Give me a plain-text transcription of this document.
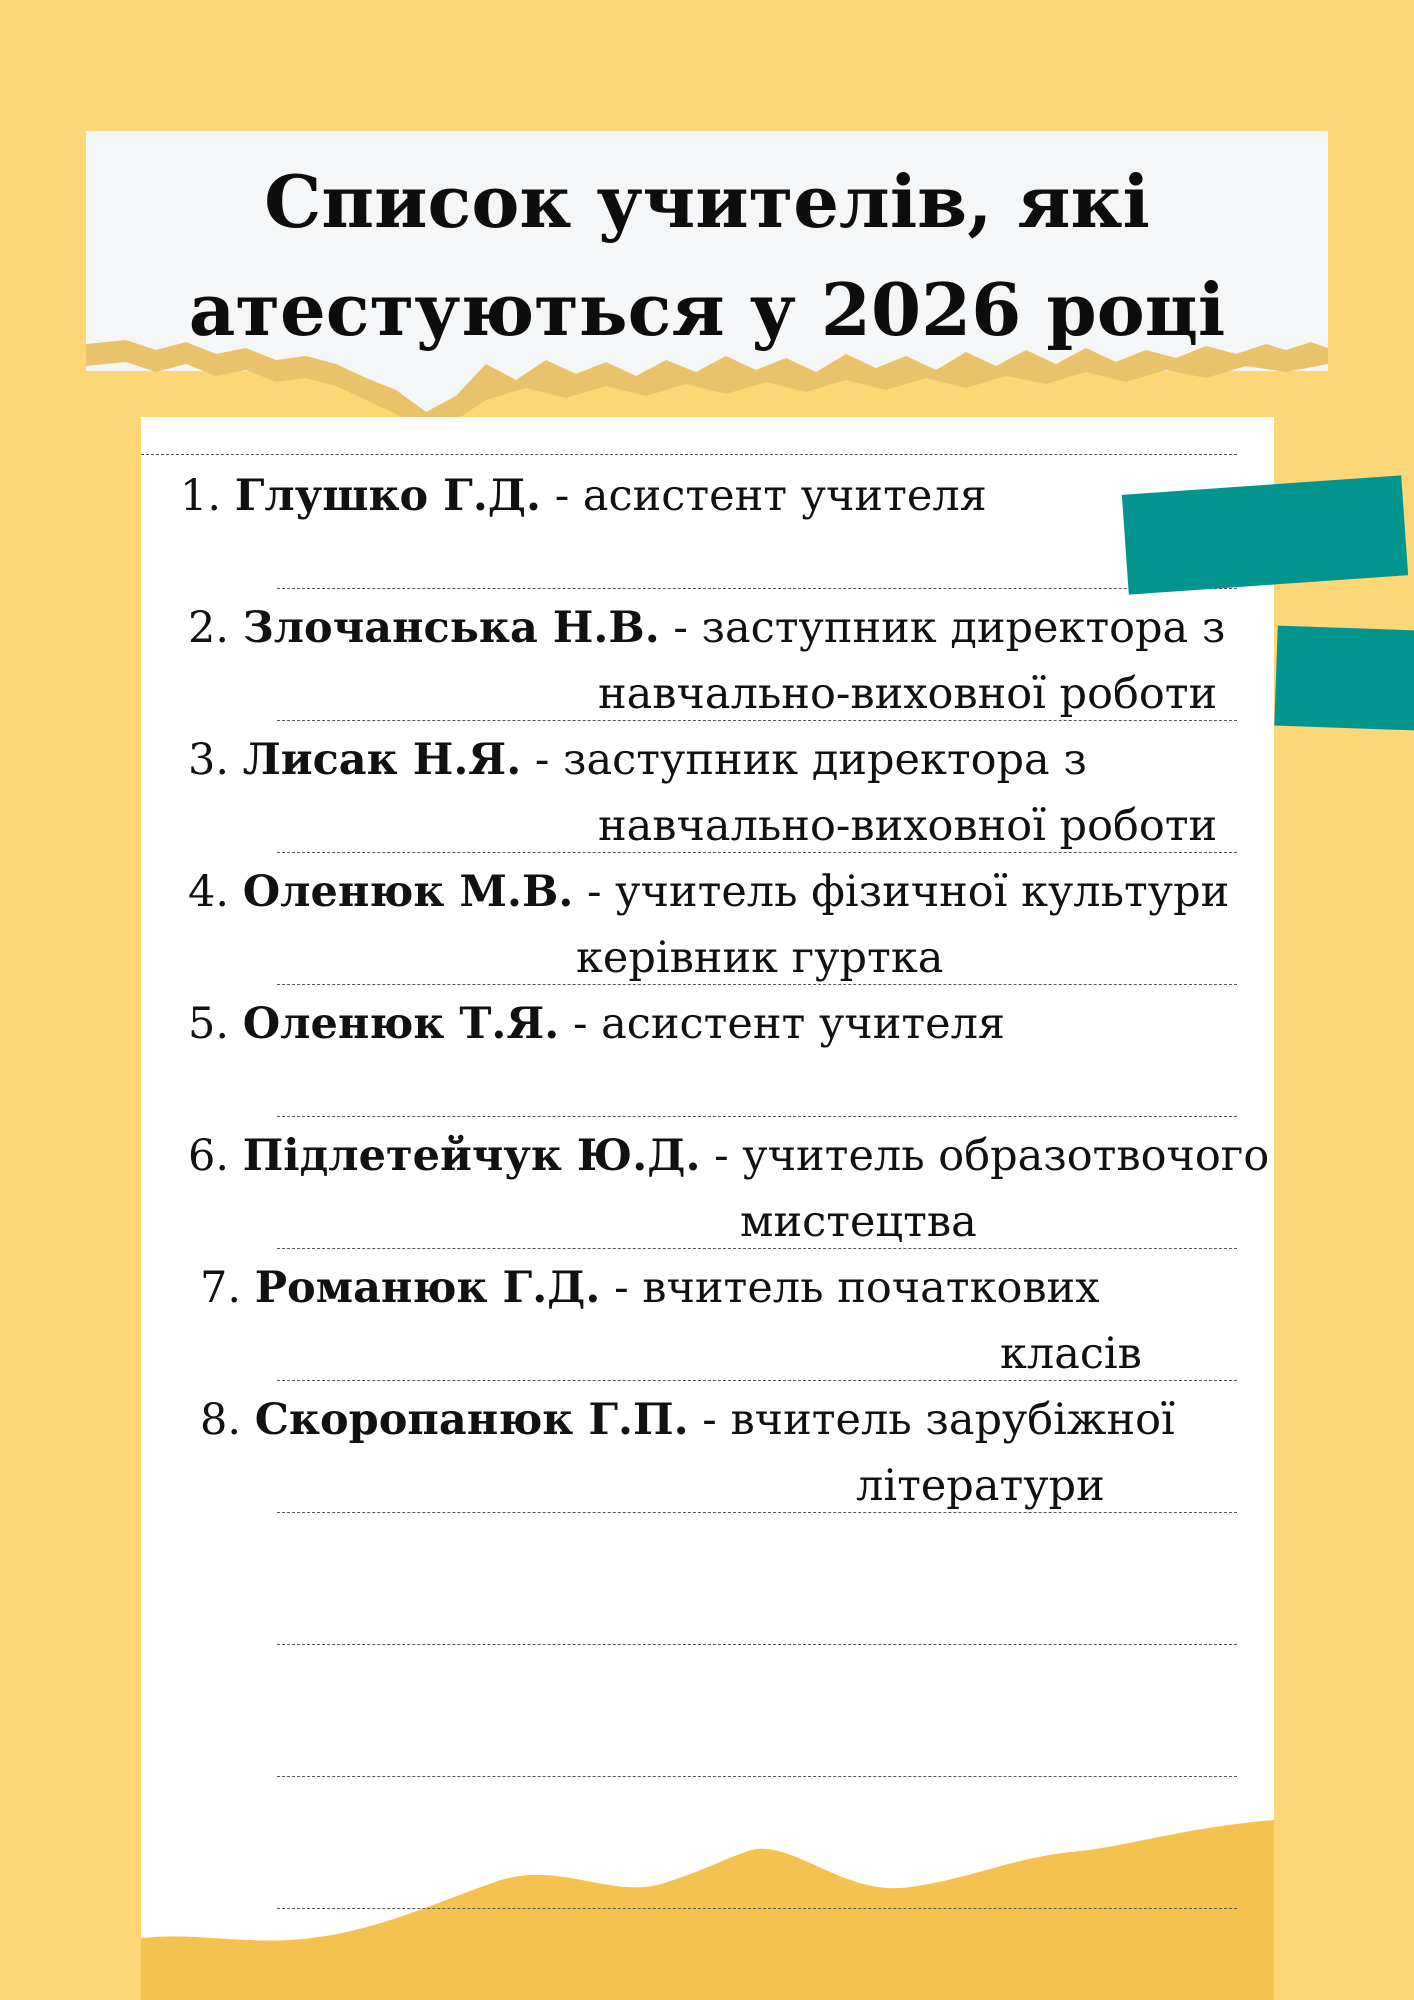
Список учителів, які
атестуються у 2026 році
1. Глушко Г.Д. - асистент учителя
2. Злочанська Н.В. - заступник директора з
навчально-виховної роботи
3. Лисак Н.Я. - заступник директора з
навчально-виховної роботи
4. Оленюк М.В. - учитель фізичної культури
керівник гуртка
5. Оленюк Т.Я. - асистент учителя
6. Підлетейчук Ю.Д. - учитель образотвочого
мистецтва
7. Романюк Г.Д. - вчитель початкових
класів
8. Скоропанюк Г.П. - вчитель зарубіжної
літератури
